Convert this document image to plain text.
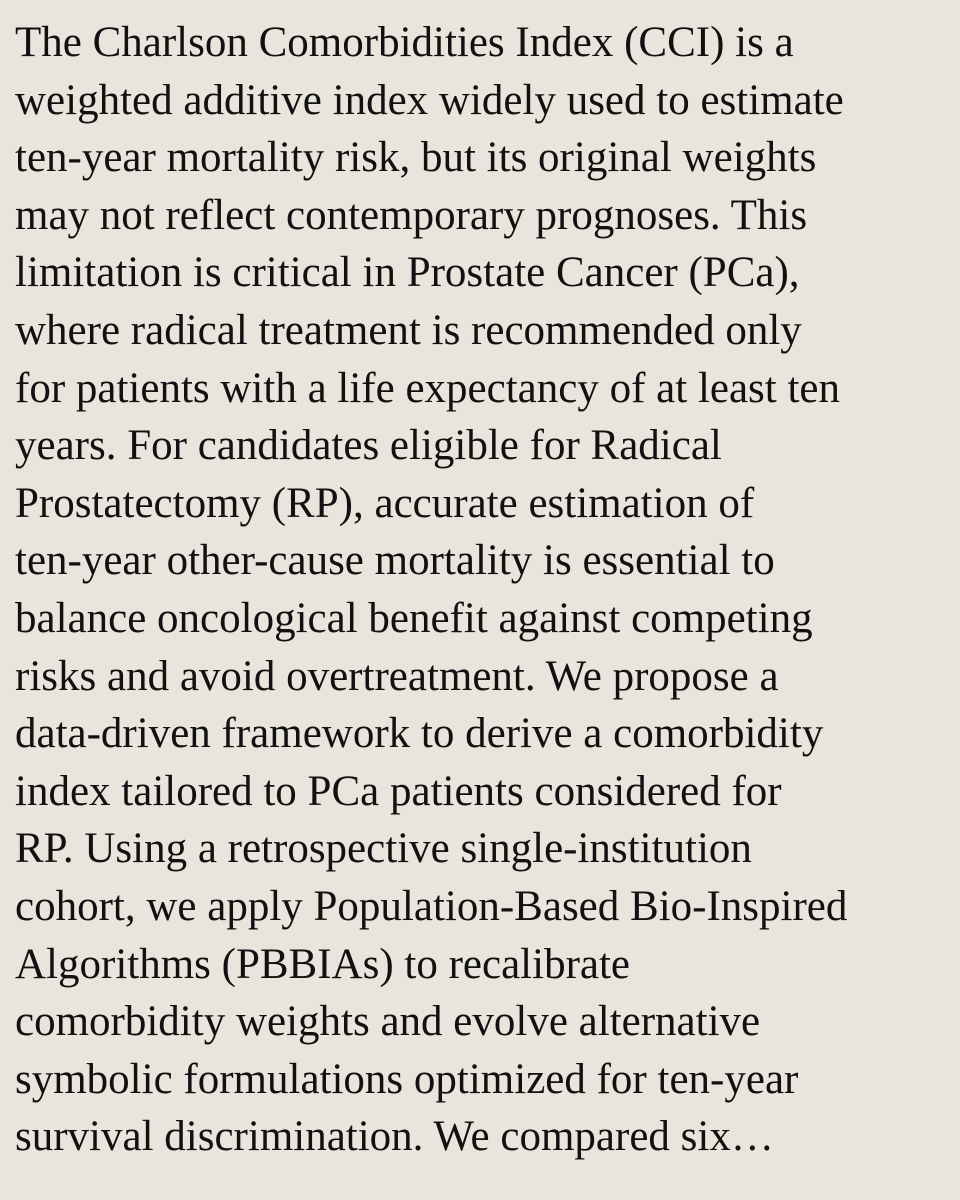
The Charlson Comorbidities Index (CCI) is a
weighted additive index widely used to estimate
ten-year mortality risk, but its original weights
may not reflect contemporary prognoses. This
limitation is critical in Prostate Cancer (PCa),
where radical treatment is recommended only
for patients with a life expectancy of at least ten
years. For candidates eligible for Radical
Prostatectomy (RP), accurate estimation of
ten-year other-cause mortality is essential to
balance oncological benefit against competing
risks and avoid overtreatment. We propose a
data-driven framework to derive a comorbidity
index tailored to PCa patients considered for
RP. Using a retrospective single-institution
cohort, we apply Population-Based Bio-Inspired
Algorithms (PBBIAs) to recalibrate
comorbidity weights and evolve alternative
symbolic formulations optimized for ten-year
survival discrimination. We compared six…
